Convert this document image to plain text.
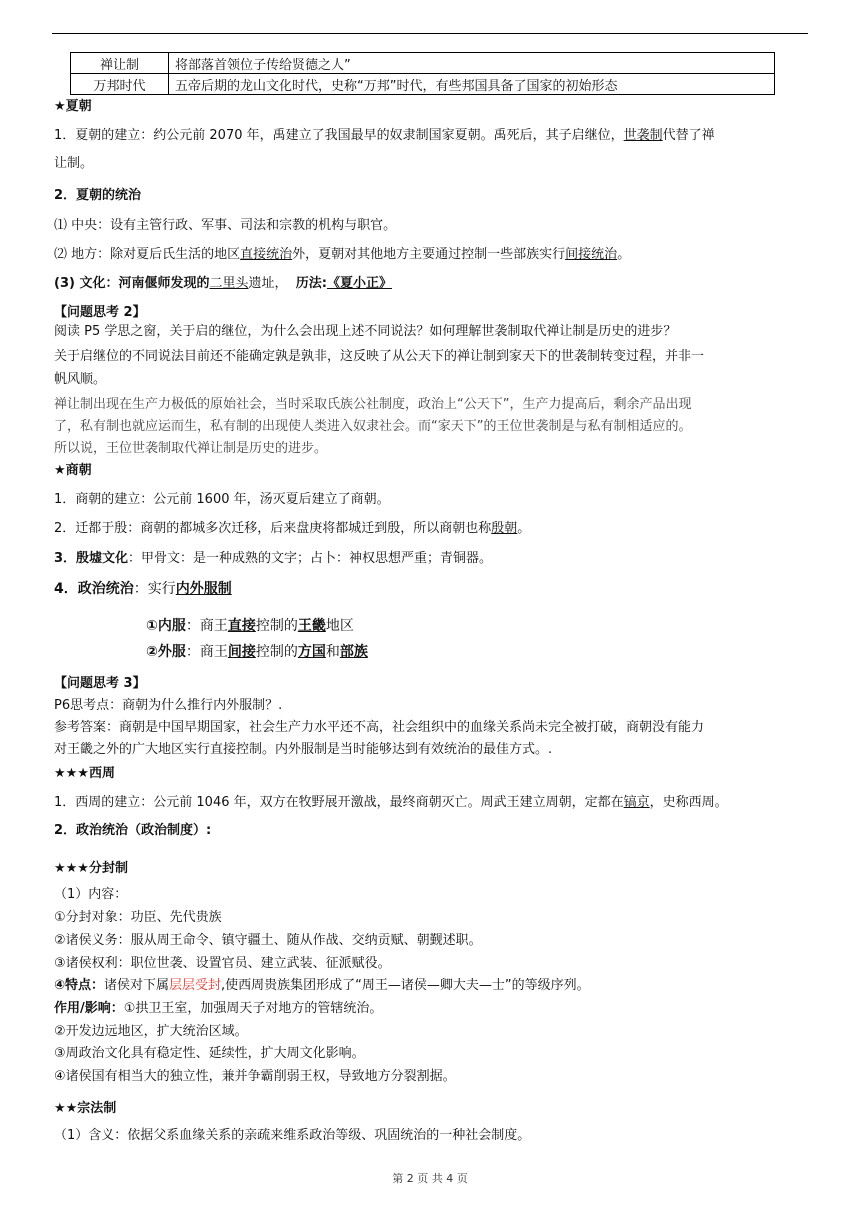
禅让制	将部落首领位子传给贤德之人”
万邦时代	五帝后期的龙山文化时代，史称“万邦”时代，有些邦国具备了国家的初始形态
★夏朝
1．夏朝的建立：约公元前 2070 年，禹建立了我国最早的奴隶制国家夏朝。禹死后，其子启继位，世袭制代替了禅
让制。
2．夏朝的统治
⑴ 中央：设有主管行政、军事、司法和宗教的机构与职官。
⑵ 地方：除对夏后氏生活的地区直接统治外，夏朝对其他地方主要通过控制一些部族实行间接统治。
(3) 文化：河南偃师发现的二里头遗址， 历法:《夏小正》
【问题思考 2】
阅读 P5 学思之窗，关于启的继位，为什么会出现上述不同说法？如何理解世袭制取代禅让制是历史的进步？
关于启继位的不同说法目前还不能确定孰是孰非，这反映了从公天下的禅让制到家天下的世袭制转变过程，并非一
帆风顺。
禅让制出现在生产力极低的原始社会，当时采取氏族公社制度，政治上“公天下”，生产力提高后，剩余产品出现
了，私有制也就应运而生，私有制的出现使人类进入奴隶社会。而“家天下”的王位世袭制是与私有制相适应的。
所以说，王位世袭制取代禅让制是历史的进步。
★商朝
1．商朝的建立：公元前 1600 年，汤灭夏后建立了商朝。
2．迁都于殷：商朝的都城多次迁移，后来盘庚将都城迁到殷，所以商朝也称殷朝。
3．殷墟文化：甲骨文：是一种成熟的文字；占卜：神权思想严重；青铜器。
4．政治统治：实行内外服制
①内服：商王直接控制的王畿地区
②外服：商王间接控制的方国和部族
【问题思考 3】
P6思考点：商朝为什么推行内外服制？.
参考答案：商朝是中国早期国家，社会生产力水平还不高，社会组织中的血缘关系尚未完全被打破，商朝没有能力
对王畿之外的广大地区实行直接控制。内外服制是当时能够达到有效统治的最佳方式。.
★★★西周
1．西周的建立：公元前 1046 年，双方在牧野展开激战，最终商朝灭亡。周武王建立周朝，定都在镐京，史称西周。
2．政治统治（政治制度）:
★★★分封制
（1）内容：
①分封对象：功臣、先代贵族
②诸侯义务：服从周王命令、镇守疆土、随从作战、交纳贡赋、朝觐述职。
③诸侯权利：职位世袭、设置官员、建立武装、征派赋役。
④特点：诸侯对下属层层受封,使西周贵族集团形成了“周王—诸侯—卿大夫—士”的等级序列。
作用/影响：①拱卫王室，加强周天子对地方的管辖统治。
②开发边远地区，扩大统治区域。
③周政治文化具有稳定性、延续性，扩大周文化影响。
④诸侯国有相当大的独立性，兼并争霸削弱王权，导致地方分裂割据。
★★宗法制
（1）含义：依据父系血缘关系的亲疏来维系政治等级、巩固统治的一种社会制度。
第 2 页 共 4 页
